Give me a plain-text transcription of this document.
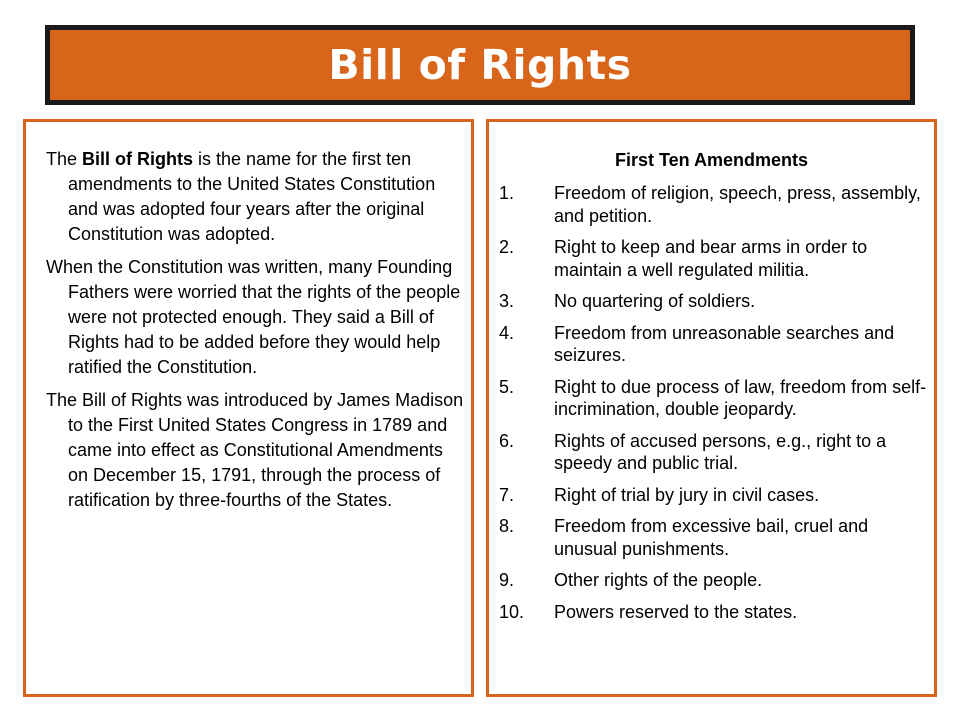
Bill of Rights

The Bill of Rights is the name for the first ten amendments to the United States Constitution and was adopted four years after the original Constitution was adopted.

When the Constitution was written, many Founding Fathers were worried that the rights of the people were not protected enough. They said a Bill of Rights had to be added before they would help ratified the Constitution.

The Bill of Rights was introduced by James Madison to the First United States Congress in 1789 and came into effect as Constitutional Amendments on December 15, 1791, through the process of ratification by three-fourths of the States.

First Ten Amendments
1.	Freedom of religion, speech, press, assembly, and petition.
2.	Right to keep and bear arms in order to maintain a well regulated militia.
3.	No quartering of soldiers.
4.	Freedom from unreasonable searches and seizures.
5.	Right to due process of law, freedom from self-incrimination, double jeopardy.
6.	Rights of accused persons, e.g., right to a speedy and public trial.
7.	Right of trial by jury in civil cases.
8.	Freedom from excessive bail, cruel and unusual punishments.
9.	Other rights of the people.
10.	Powers reserved to the states.
